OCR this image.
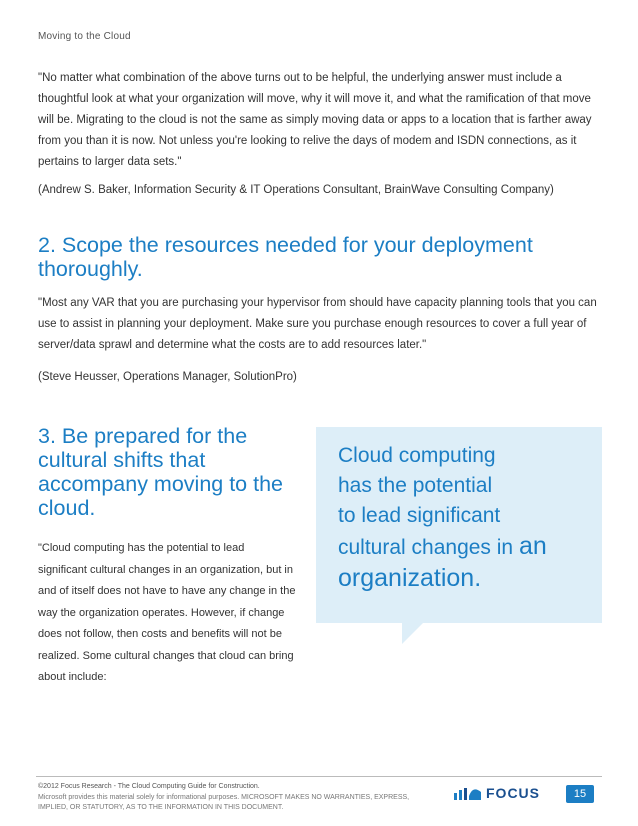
Moving to the Cloud

"No matter what combination of the above turns out to be helpful, the underlying answer must include a thoughtful look at what your organization will move, why it will move it, and what the ramification of that move will be. Migrating to the cloud is not the same as simply moving data or apps to a location that is farther away from you than it is now. Not unless you're looking to relive the days of modem and ISDN connections, as it pertains to larger data sets."

(Andrew S. Baker, Information Security & IT Operations Consultant, BrainWave Consulting Company)

2. Scope the resources needed for your deployment thoroughly.

"Most any VAR that you are purchasing your hypervisor from should have capacity planning tools that you can use to assist in planning your deployment. Make sure you purchase enough resources to cover a full year of server/data sprawl and determine what the costs are to add resources later."

(Steve Heusser, Operations Manager, SolutionPro)

3. Be prepared for the cultural shifts that accompany moving to the cloud.

"Cloud computing has the potential to lead significant cultural changes in an organization, but in and of itself does not have to have any change in the way the organization operates. However, if change does not follow, then costs and benefits will not be realized. Some cultural changes that cloud can bring about include:

Cloud computing
has the potential
to lead significant
cultural changes in an
organization.
©2012 Focus Research - The Cloud Computing Guide for Construction.
Microsoft provides this material solely for informational purposes. MICROSOFT MAKES NO WARRANTIES, EXPRESS, IMPLIED, OR STATUTORY, AS TO THE INFORMATION IN THIS DOCUMENT.
FOCUS	15
